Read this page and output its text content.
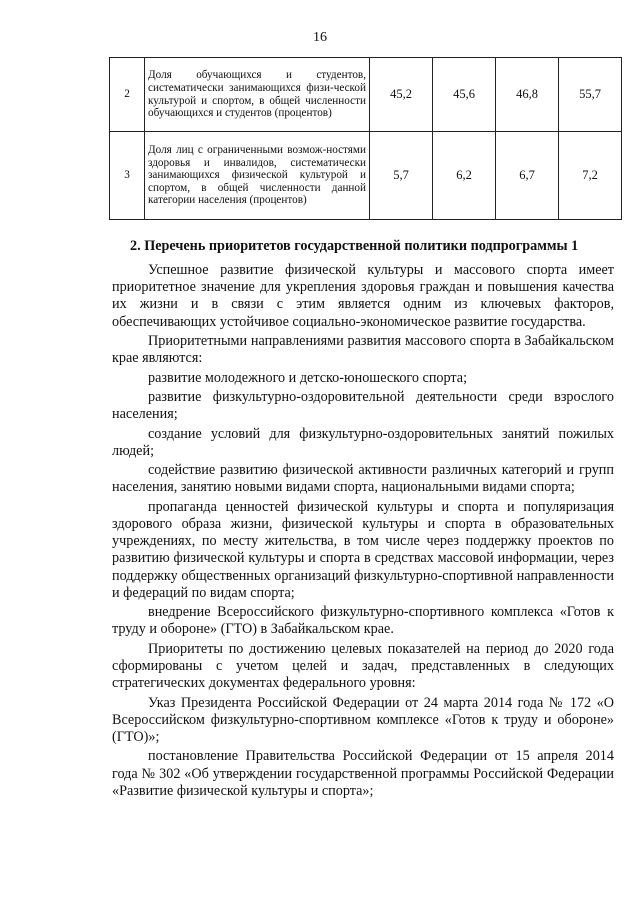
16
2	Доля обучающихся и студентов, систематически занимающихся физи-ческой культурой и спортом, в общей численности обучающихся и студентов (процентов)	45,2	45,6	46,8	55,7
3	Доля лиц с ограниченными возмож-ностями здоровья и инвалидов, систематически занимающихся физической культурой и спортом, в общей численности данной категории населения (процентов)	5,7	6,2	6,7	7,2
2. Перечень приоритетов государственной политики подпрограммы 1

Успешное развитие физической культуры и массового спорта имеет приоритетное значение для укрепления здоровья граждан и повышения качества их жизни и в связи с этим является одним из ключевых факторов, обеспечивающих устойчивое социально-экономическое развитие государства.

Приоритетными направлениями развития массового спорта в Забайкальском крае являются:

развитие молодежного и детско-юношеского спорта;

развитие физкультурно-оздоровительной деятельности среди взрослого населения;

создание условий для физкультурно-оздоровительных занятий пожилых людей;

содействие развитию физической активности различных категорий и групп населения, занятию новыми видами спорта, национальными видами спорта;

пропаганда ценностей физической культуры и спорта и популяризация здорового образа жизни, физической культуры и спорта в образовательных учреждениях, по месту жительства, в том числе через поддержку проектов по развитию физической культуры и спорта в средствах массовой информации, через поддержку общественных организаций физкультурно-спортивной направленности и федераций по видам спорта;

внедрение Всероссийского физкультурно-спортивного комплекса «Готов к труду и обороне» (ГТО) в Забайкальском крае.

Приоритеты по достижению целевых показателей на период до 2020 года сформированы с учетом целей и задач, представленных в следующих стратегических документах федерального уровня:

Указ Президента Российской Федерации от 24 марта 2014 года № 172 «О Всероссийском физкультурно-спортивном комплексе «Готов к труду и обороне» (ГТО)»;

постановление Правительства Российской Федерации от 15 апреля 2014 года № 302 «Об утверждении государственной программы Российской Федерации «Развитие физической культуры и спорта»;
